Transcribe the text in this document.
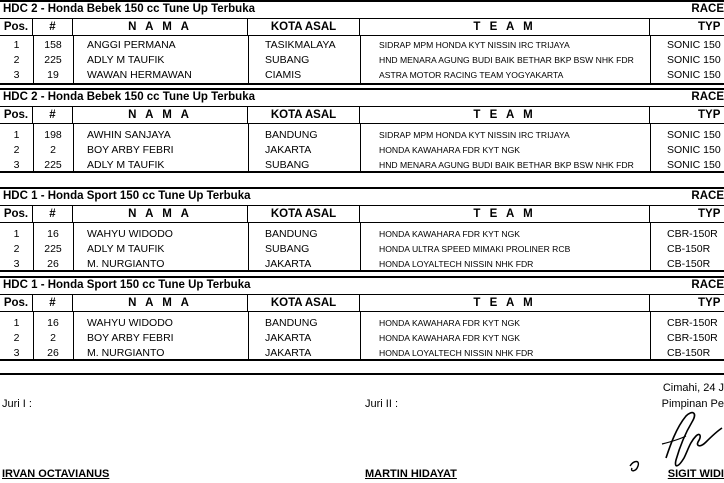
HDC 2 - Honda Bebek 150 cc Tune Up Terbuka	RACE
Pos.	#	N A M A	KOTA ASAL	T E A M	TYP
1	158	ANGGI PERMANA	TASIKMALAYA	SIDRAP MPM HONDA KYT NISSIN IRC TRIJAYA	SONIC 150
2	225	ADLY M TAUFIK	SUBANG	HND MENARA AGUNG BUDI BAIK BETHAR BKP BSW NHK FDR	SONIC 150
3	19	WAWAN HERMAWAN	CIAMIS	ASTRA MOTOR RACING TEAM YOGYAKARTA	SONIC 150
HDC 2 - Honda Bebek 150 cc Tune Up Terbuka	RACE
Pos.	#	N A M A	KOTA ASAL	T E A M	TYP
1	198	AWHIN SANJAYA	BANDUNG	SIDRAP MPM HONDA KYT NISSIN IRC TRIJAYA	SONIC 150
2	2	BOY ARBY FEBRI	JAKARTA	HONDA KAWAHARA FDR KYT NGK	SONIC 150
3	225	ADLY M TAUFIK	SUBANG	HND MENARA AGUNG BUDI BAIK BETHAR BKP BSW NHK FDR	SONIC 150
HDC 1 - Honda Sport 150 cc Tune Up Terbuka	RACE
Pos.	#	N A M A	KOTA ASAL	T E A M	TYP
1	16	WAHYU WIDODO	BANDUNG	HONDA KAWAHARA FDR KYT NGK	CBR-150R
2	225	ADLY M TAUFIK	SUBANG	HONDA ULTRA SPEED MIMAKI PROLINER RCB	CB-150R
3	26	M. NURGIANTO	JAKARTA	HONDA LOYALTECH NISSIN NHK FDR	CB-150R
HDC 1 - Honda Sport 150 cc Tune Up Terbuka	RACE
Pos.	#	N A M A	KOTA ASAL	T E A M	TYP
1	16	WAHYU WIDODO	BANDUNG	HONDA KAWAHARA FDR KYT NGK	CBR-150R
2	2	BOY ARBY FEBRI	JAKARTA	HONDA KAWAHARA FDR KYT NGK	CBR-150R
3	26	M. NURGIANTO	JAKARTA	HONDA LOYALTECH NISSIN NHK FDR	CB-150R
Cimahi, 24 J
Pimpinan Pe
Juri I :	Juri II :
IRVAN OCTAVIANUS	MARTIN HIDAYAT	SIGIT WIDI
